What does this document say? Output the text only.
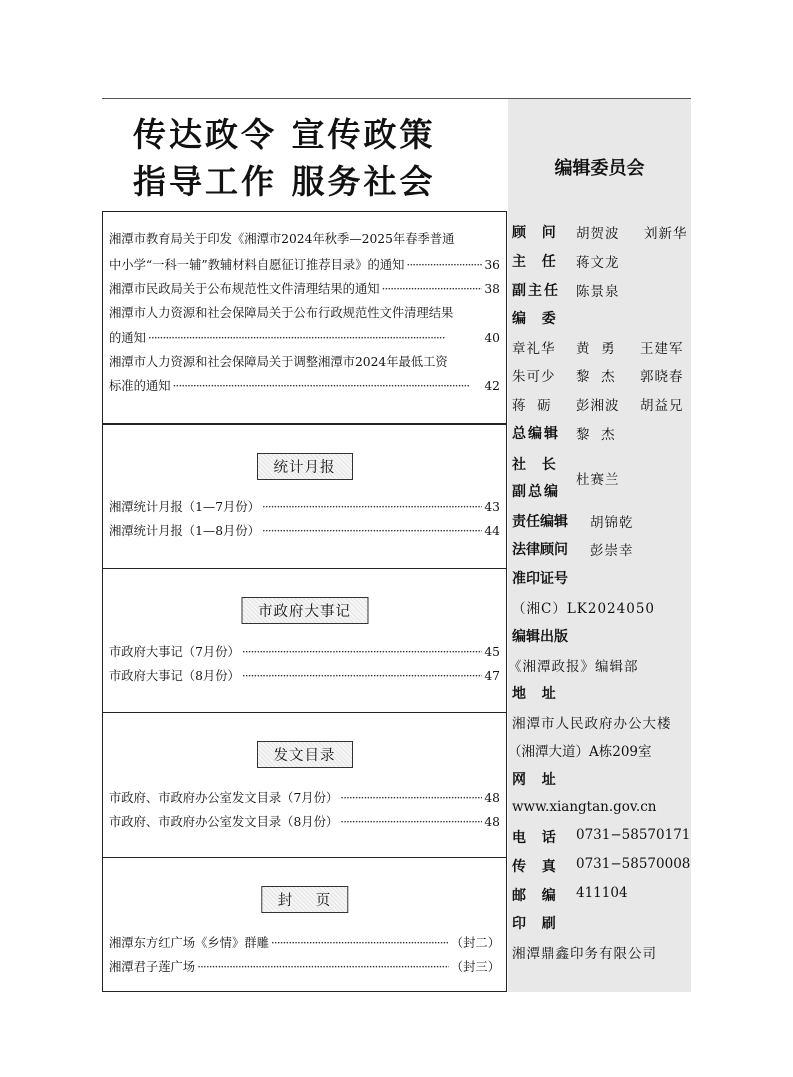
传达政令 宣传政策
指导工作 服务社会
湘潭市教育局关于印发《湘潭市2024年秋季—2025年春季普通
中小学“一科一辅”教辅材料自愿征订推荐目录》的通知 ·····	36
湘潭市民政局关于公布规范性文件清理结果的通知 ·····	38
湘潭市人力资源和社会保障局关于公布行政规范性文件清理结果
的通知 ·····	40
湘潭市人力资源和社会保障局关于调整湘潭市2024年最低工资
标准的通知 ·····	42
统计月报
湘潭统计月报（1—7月份） ·····	43
湘潭统计月报（1—8月份） ·····	44
市政府大事记
市政府大事记（7月份） ·····	45
市政府大事记（8月份） ·····	47
发文目录
市政府、市政府办公室发文目录（7月份） ·····	48
市政府、市政府办公室发文目录（8月份） ·····	48
封    页
湘潭东方红广场《乡情》群雕 ·····	（封二）
湘潭君子莲广场 ·····	（封三）
编辑委员会
顾  问 胡贺波 刘新华
主  任 蒋文龙
副主任 陈景泉
编  委
章礼华 黄  勇 王建军
朱可少 黎  杰 郭晓春
蒋  砺 彭湘波 胡益兄
总编辑 黎  杰
社  长
杜赛兰
副总编
责任编辑 胡锦乾
法律顾问 彭崇幸
准印证号
（湘C）LK2024050
编辑出版
《湘潭政报》编辑部
地  址
湘潭市人民政府办公大楼
（湘潭大道）A栋209室
网  址
www.xiangtan.gov.cn
电  话 0731−58570171
传  真 0731−58570008
邮  编 411104
印  刷
湘潭鼎鑫印务有限公司
